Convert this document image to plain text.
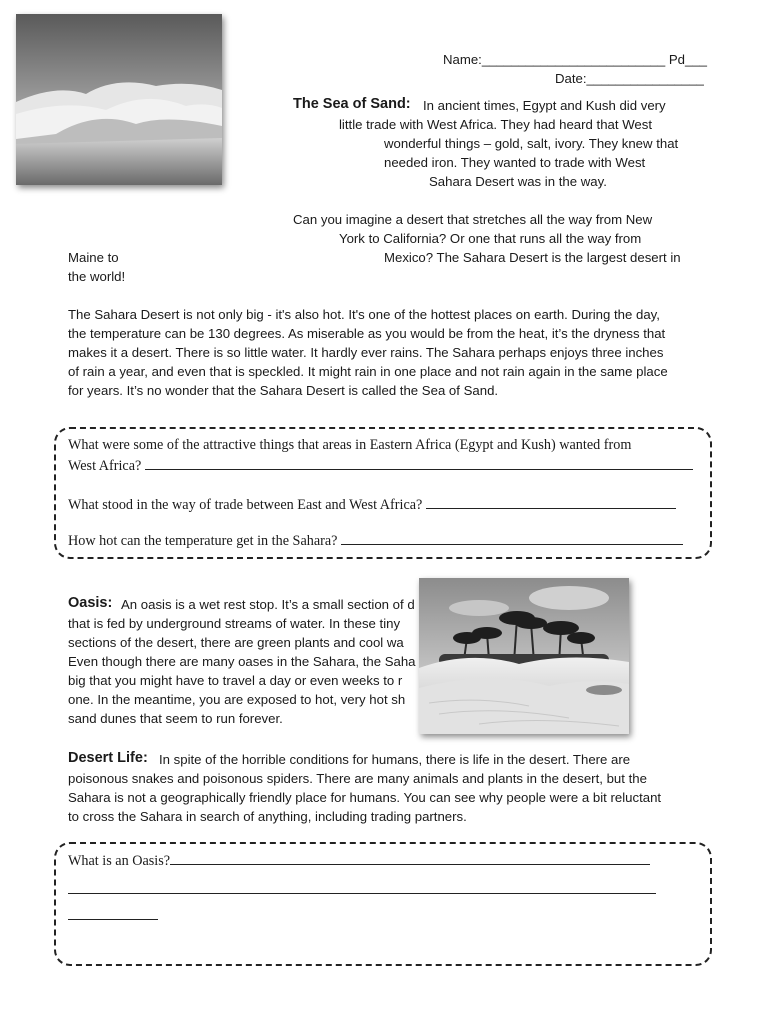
Name:_________________________ Pd___
Date:________________
The Sea of Sand: In ancient times, Egypt and Kush did very
little trade with West Africa. They had heard that West
wonderful things – gold, salt, ivory. They knew that
needed iron. They wanted to trade with West
Sahara Desert was in the way.
Can you imagine a desert that stretches all the way from New
York to California? Or one that runs all the way from
Mexico? The Sahara Desert is the largest desert in
Maine to
the world!
The Sahara Desert is not only big - it's also hot. It's one of the hottest places on earth. During the day,
the temperature can be 130 degrees. As miserable as you would be from the heat, it’s the dryness that
makes it a desert. There is so little water. It hardly ever rains. The Sahara perhaps enjoys three inches
of rain a year, and even that is speckled. It might rain in one place and not rain again in the same place
for years. It’s no wonder that the Sahara Desert is called the Sea of Sand.
What were some of the attractive things that areas in Eastern Africa (Egypt and Kush) wanted from
West Africa?
What stood in the way of trade between East and West Africa?
How hot can the temperature get in the Sahara?
Oasis: An oasis is a wet rest stop. It’s a small section of d
that is fed by underground streams of water. In these tiny
sections of the desert, there are green plants and cool wa
Even though there are many oases in the Sahara, the Saha
big that you might have to travel a day or even weeks to r
one. In the meantime, you are exposed to hot, very hot sh
sand dunes that seem to run forever.
Desert Life: In spite of the horrible conditions for humans, there is life in the desert. There are
poisonous snakes and poisonous spiders. There are many animals and plants in the desert, but the
Sahara is not a geographically friendly place for humans. You can see why people were a bit reluctant
to cross the Sahara in search of anything, including trading partners.
What is an Oasis?
